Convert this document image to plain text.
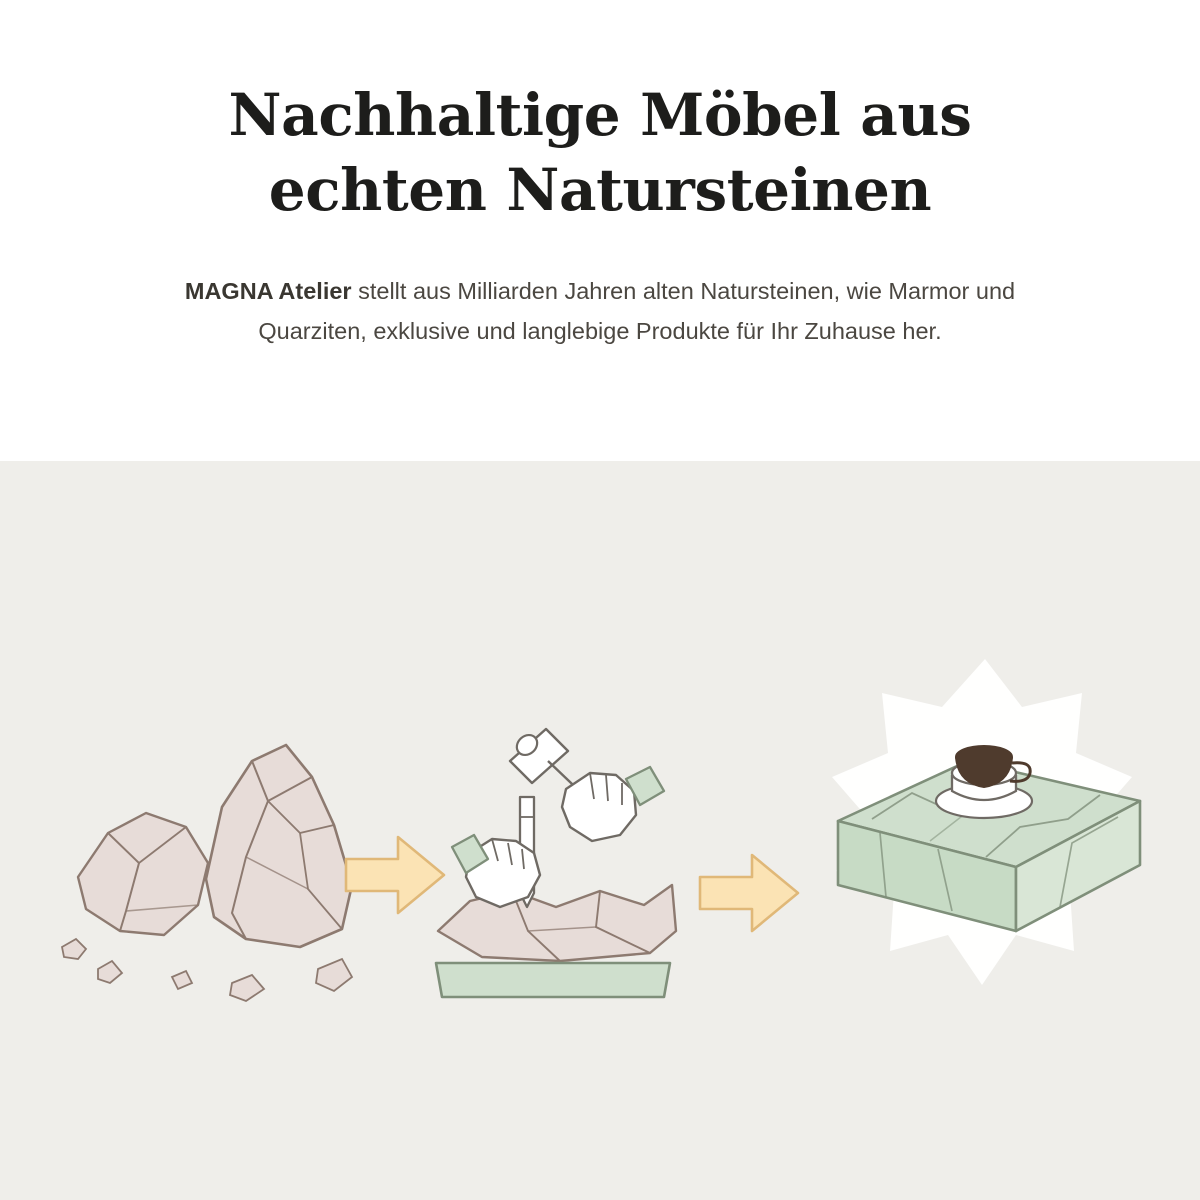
Nachhaltige Möbel aus
echten Natursteinen

MAGNA Atelier stellt aus Milliarden Jahren alten Natursteinen, wie Marmor und Quarziten, exklusive und langlebige Produkte für Ihr Zuhause her.
